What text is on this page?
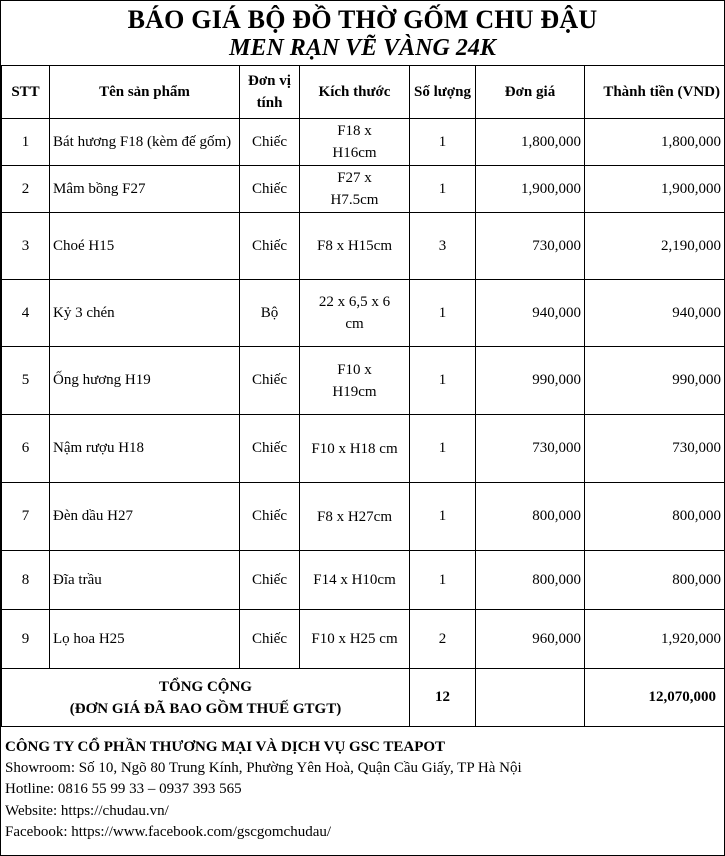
BÁO GIÁ BỘ ĐỒ THỜ GỐM CHU ĐẬU
MEN RẠN VẼ VÀNG 24K
STT	Tên sản phẩm	Đơn vị tính	Kích thước	Số lượng	Đơn giá	Thành tiền (VND)
1	Bát hương F18 (kèm đế gốm)	Chiếc	F18 x H16cm	1	1,800,000	1,800,000
2	Mâm bồng F27	Chiếc	F27 x H7.5cm	1	1,900,000	1,900,000
3	Choé H15	Chiếc	F8 x H15cm	3	730,000	2,190,000
4	Kỷ 3 chén	Bộ	22 x 6,5 x 6 cm	1	940,000	940,000
5	Ống hương H19	Chiếc	F10 x H19cm	1	990,000	990,000
6	Nậm rượu H18	Chiếc	F10 x H18 cm	1	730,000	730,000
7	Đèn dầu H27	Chiếc	F8 x H27cm	1	800,000	800,000
8	Đĩa trầu	Chiếc	F14 x H10cm	1	800,000	800,000
9	Lọ hoa H25	Chiếc	F10 x H25 cm	2	960,000	1,920,000

TỔNG CỘNG
(ĐƠN GIÁ ĐÃ BAO GỒM THUẾ GTGT)				12		12,070,000
CÔNG TY CỔ PHẦN THƯƠNG MẠI VÀ DỊCH VỤ GSC TEAPOT
Showroom: Số 10, Ngõ 80 Trung Kính, Phường Yên Hoà, Quận Cầu Giấy, TP Hà Nội
Hotline: 0816 55 99 33 – 0937 393 565
Website: https://chudau.vn/
Facebook: https://www.facebook.com/gscgomchudau/
